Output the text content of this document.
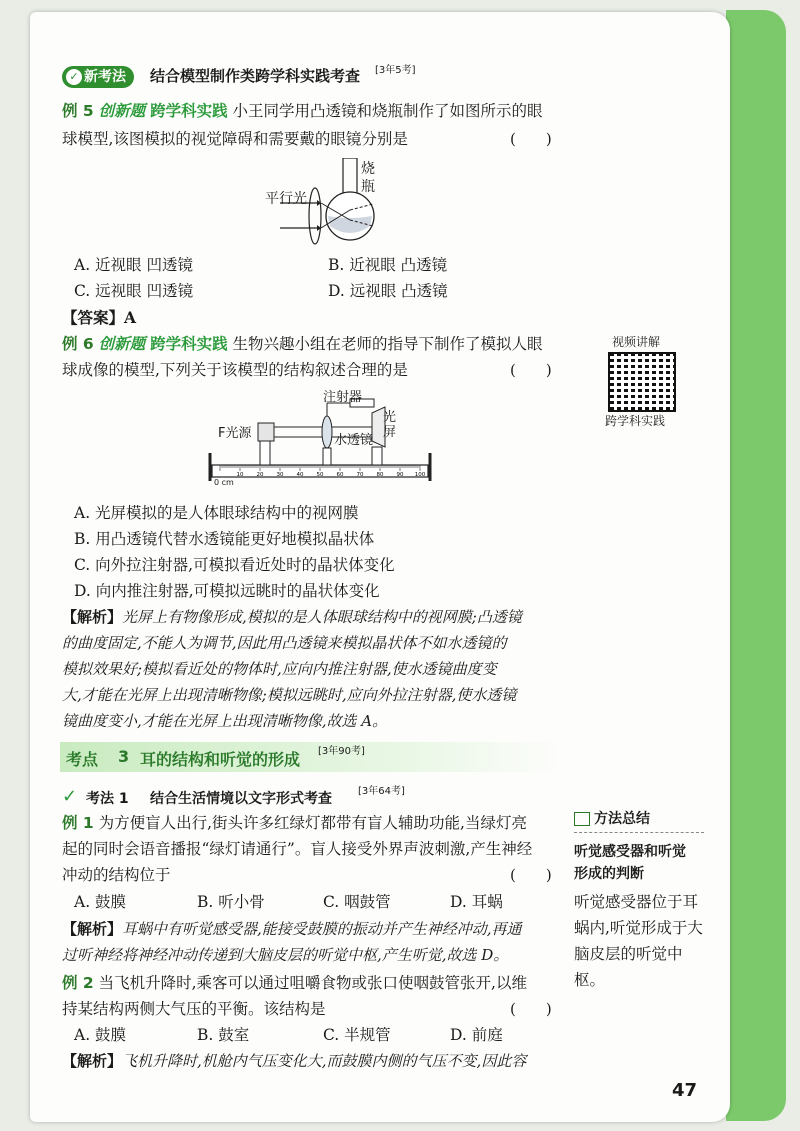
✓ 新考法	结合模型制作类跨学科实践考查 [3年5考]
例 5 创新题 跨学科实践 小王同学用凸透镜和烧瓶制作了如图所示的眼
球模型,该图模拟的视觉障碍和需要戴的眼镜分别是	(　　)
平行光
烧瓶
A. 近视眼 凹透镜	B. 近视眼 凸透镜
C. 远视眼 凹透镜	D. 远视眼 凸透镜
【答案】A
例 6 创新题 跨学科实践 生物兴趣小组在老师的指导下制作了模拟人眼
球成像的模型,下列关于该模型的结构叙述合理的是	(　　)
10 20 30 40 50 60 70 80 90 100
注射器
F光源	水透镜
光屏
0 cm
A. 光屏模拟的是人体眼球结构中的视网膜
B. 用凸透镜代替水透镜能更好地模拟晶状体
C. 向外拉注射器,可模拟看近处时的晶状体变化
D. 向内推注射器,可模拟远眺时的晶状体变化
【解析】光屏上有物像形成,模拟的是人体眼球结构中的视网膜;凸透镜
的曲度固定,不能人为调节,因此用凸透镜来模拟晶状体不如水透镜的
模拟效果好;模拟看近处的物体时,应向内推注射器,使水透镜曲度变
大,才能在光屏上出现清晰物像;模拟远眺时,应向外拉注射器,使水透镜
镜曲度变小,才能在光屏上出现清晰物像,故选 A。
视频讲解
跨学科实践
考点 3 耳的结构和听觉的形成 [3年90考]
✓ 考法 1 结合生活情境以文字形式考查	[3年64考]
例 1 为方便盲人出行,街头许多红绿灯都带有盲人辅助功能,当绿灯亮
起的同时会语音播报“绿灯请通行”。盲人接受外界声波刺激,产生神经
冲动的结构位于	(　　)
A. 鼓膜	B. 听小骨	C. 咽鼓管	D. 耳蜗
【解析】耳蜗中有听觉感受器,能接受鼓膜的振动并产生神经冲动,再通
过听神经将神经冲动传递到大脑皮层的听觉中枢,产生听觉,故选 D。
例 2 当飞机升降时,乘客可以通过咀嚼食物或张口使咽鼓管张开,以维
持某结构两侧大气压的平衡。该结构是	(　　)
A. 鼓膜	B. 鼓室	C. 半规管	D. 前庭
【解析】飞机升降时,机舱内气压变化大,而鼓膜内侧的气压不变,因此容
方法总结
听觉感受器和听觉
形成的判断
听觉感受器位于耳
蜗内,听觉形成于大
脑皮层的听觉中枢。
47
